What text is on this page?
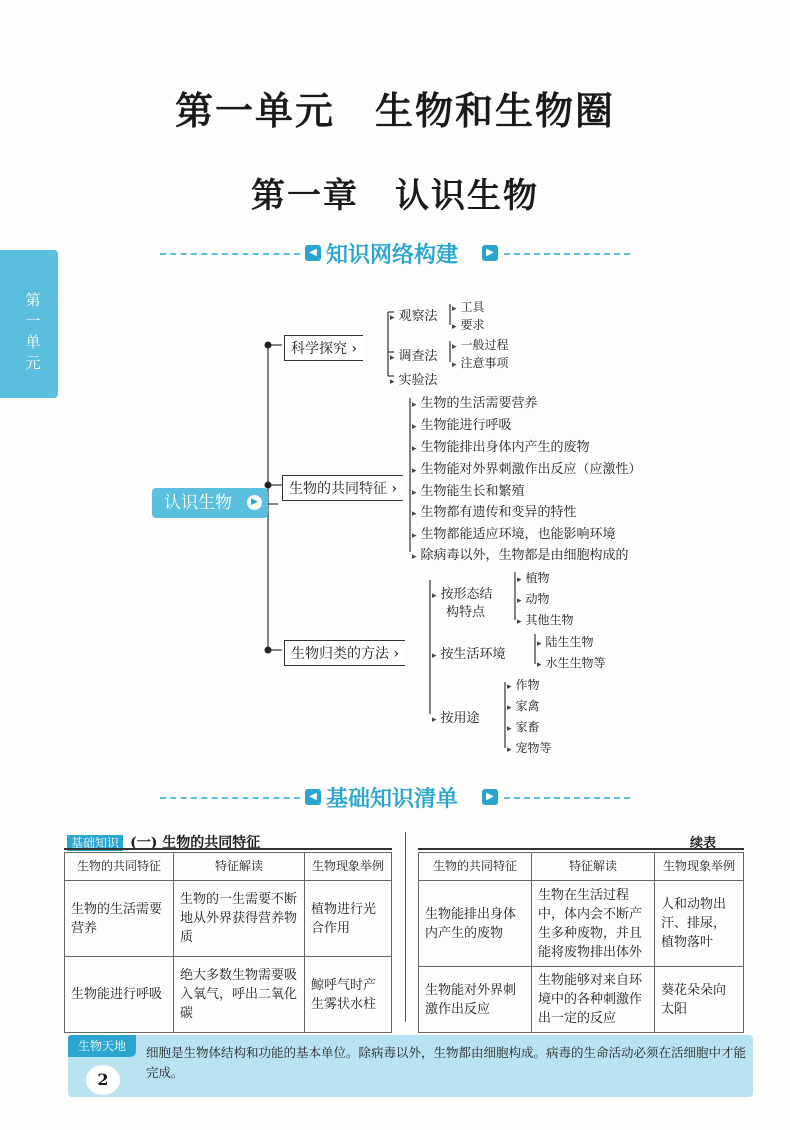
第一单元
第一单元　生物和生物圈
第一章　认识生物
◀ 知识网络构建	▶
认识生物	▶
科学探究 ›
▸ 观察法
▸ 调查法
▸ 实验法
▸ 工具
▸ 要求
▸ 一般过程
▸ 注意事项
生物的共同特征 ›
▸ 生物的生活需要营养
▸ 生物能进行呼吸
▸ 生物能排出身体内产生的废物
▸ 生物能对外界刺激作出反应（应激性）
▸ 生物能生长和繁殖
▸ 生物都有遗传和变异的特性
▸ 生物都能适应环境，也能影响环境
▸ 除病毒以外，生物都是由细胞构成的
生物归类的方法 ›
▸ 按形态结
构特点
▸ 按生活环境
▸ 按用途
▸ 植物
▸ 动物
▸ 其他生物
▸ 陆生生物
▸ 水生生物等
▸ 作物
▸ 家禽
▸ 家畜
▸ 宠物等
◀ 基础知识清单	▶
基础知识 (一) 生物的共同特征
生物的共同特征	特征解读	生物现象举例
生物的生活需要营养	生物的一生需要不断地从外界获得营养物质	植物进行光合作用
生物能进行呼吸	绝大多数生物需要吸入氧气，呼出二氧化碳	鲸呼气时产生雾状水柱
续表
生物的共同特征	特征解读	生物现象举例
生物能排出身体内产生的废物	生物在生活过程中，体内会不断产生多种废物，并且能将废物排出体外	人和动物出汗、排尿，植物落叶
生物能对外界刺激作出反应	生物能够对来自环境中的各种刺激作出一定的反应	葵花朵朵向太阳
生物天地
2
细胞是生物体结构和功能的基本单位。除病毒以外，生物都由细胞构成。病毒的生命活动必须在活细胞中才能完成。
